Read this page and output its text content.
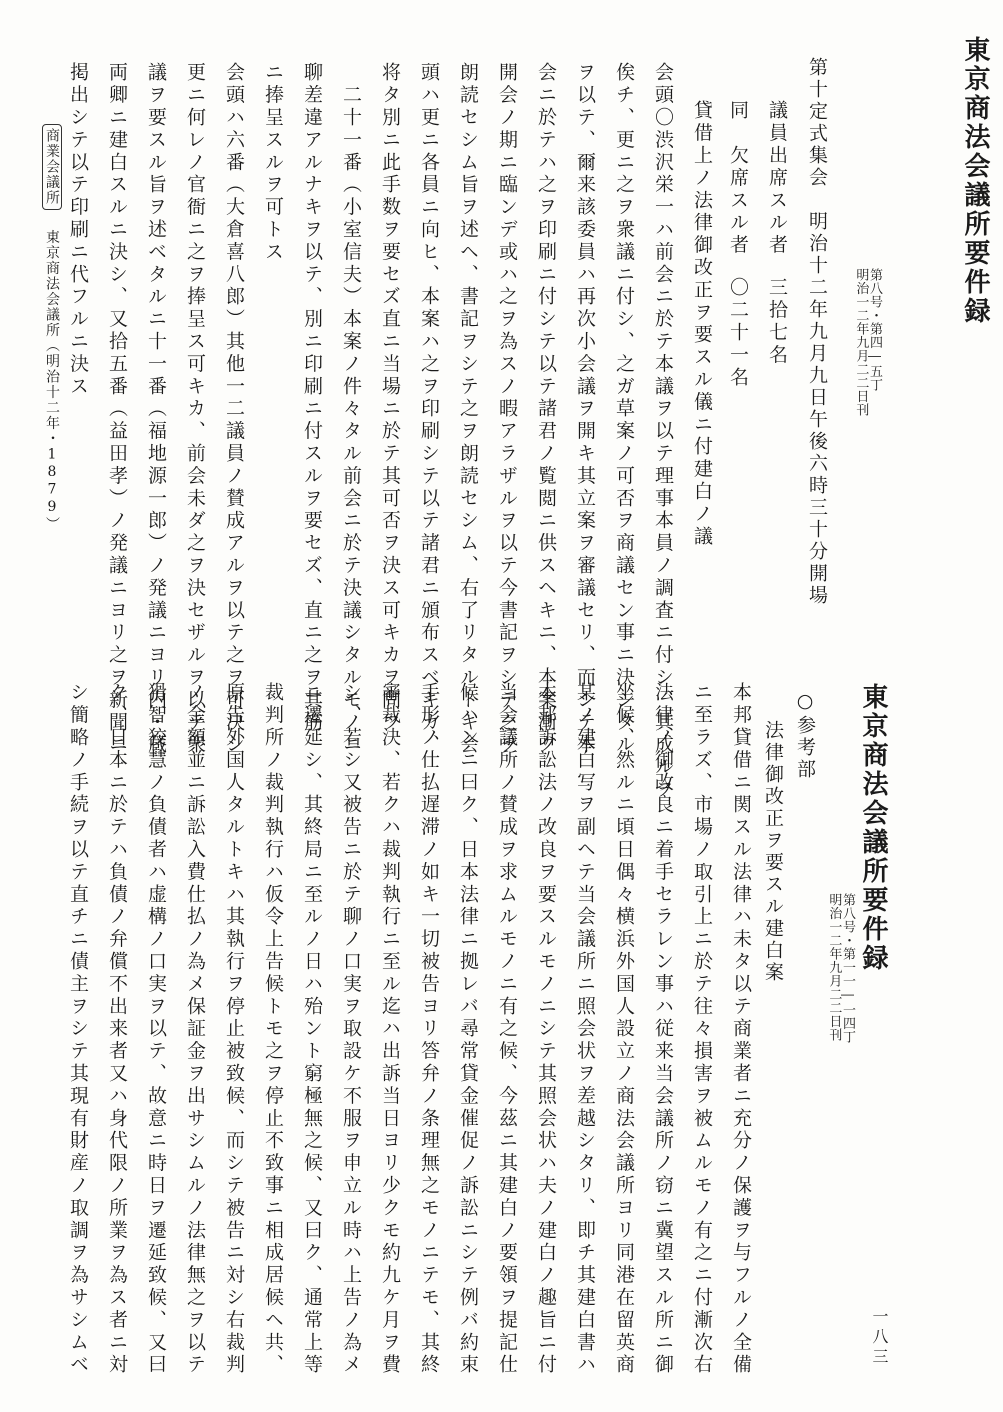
東京商法会議所要件録
第八号・第四―五丁
明治一二年九月二二日刊
第十定式集会　明治十二年九月九日午後六時三十分開場
議員出席スル者
三拾七名
同　欠席スル者
〇二十一名
貸借上ノ法律御改正ヲ要スル儀ニ付建白ノ議
会頭〇渋沢栄一ハ前会ニ於テ本議ヲ以テ理事本員ノ調査ニ付シ、其成ルヲ
俟チ、更ニ之ヲ衆議ニ付シ、之ガ草案ノ可否ヲ商議セン事ニ決シタル
ヲ以テ、爾来該委員ハ再次小会議ヲ開キ其立案ヲ審議セリ、而シテ本
会ニ於テハ之ヲ印刷ニ付シテ以テ諸君ノ覧閲ニ供スヘキニ、本案漸ク
開会ノ期ニ臨ンデ或ハ之ヲ為スノ暇アラザルヲ以テ今書記ヲシテ之ヲ
朗読セシム旨ヲ述ヘ、書記ヲシテ之ヲ朗読セシム、右了リタルトキ会
頭ハ更ニ各員ニ向ヒ、本案ハ之ヲ印刷シテ以テ諸君ニ頒布スベキカ、
将タ別ニ此手数ヲ要セズ直ニ当場ニ於テ其可否ヲ決ス可キカヲ問フ
　二十一番（小室信夫）本案ノ件々タル前会ニ於テ決議シタルモノニ
聊差違アルナキヲ以テ、別ニ印刷ニ付スルヲ要セズ、直ニ之ヲ其筋
ニ捧呈スルヲ可トス
会頭ハ六番（大倉喜八郎）其他一二議員ノ賛成アルヲ以テ之ヲ可決シ
更ニ何レノ官衙ニ之ヲ捧呈ス可キカ、前会未ダ之ヲ決セザルヲ以テ衆
議ヲ要スル旨ヲ述ベタルニ十一番（福地源一郎）ノ発議ニヨリ内・蔵
両卿ニ建白スルニ決シ、又拾五番（益田孝）ノ発議ニヨリ之ヲ新聞ニ
掲出シテ以テ印刷ニ代フルニ決ス
商業会議所東京商法会議所（明治十二年・1879）
東京商法会議所要件録
第八号・第一一―一四丁
明治一二年九月二二日刊
○参考部
法律御改正ヲ要スル建白案
本邦貸借ニ関スル法律ハ未タ以テ商業者ニ充分ノ保護ヲ与フルノ全備
ニ至ラズ、市場ノ取引上ニ於テ往々損害ヲ被ムルモノ有之ニ付漸次右
法律ノ御改良ニ着手セラレン事ハ従来当会議所ノ窃ニ冀望スル所ニ御
坐候、然ルニ頃日偶々横浜外国人設立ノ商法会議所ヨリ同港在留英商
某ノ建白写ヲ副ヘテ当会議所ニ照会状ヲ差越シタリ、即チ其建白書ハ
本邦訴訟法ノ改良ヲ要スルモノニシテ其照会状ハ夫ノ建白ノ趣旨ニ付
当会議所ノ賛成ヲ求ムルモノニ有之候、今茲ニ其建白ノ要領ヲ提記仕
候ハンニ曰ク、日本法律ニ拠レバ尋常貸金催促ノ訴訟ニシテ例バ約束
手形ノ仕払遅滞ノ如キ一切被告ヨリ答弁ノ条理無之モノニテモ、其終
審裁決、若クハ裁判執行ニ至ル迄ハ出訴当日ヨリ少クモ約九ケ月ヲ費
シ、若シ又被告ニ於テ聊ノ口実ヲ取設ケ不服ヲ申立ル時ハ上告ノ為メ
ニ遷延シ、其終局ニ至ルノ日ハ殆ント窮極無之候、又曰ク、通常上等
裁判所ノ裁判執行ハ仮令上告候トモ之ヲ停止不致事ニ相成居候ヘ共、
原告外国人タルトキハ其執行ヲ停止被致候、而シテ被告ニ対シ右裁判
ノ金額並ニ訴訟入費仕払ノ為メ保証金ヲ出サシムルノ法律無之ヲ以テ
猾智狡慧ノ負債者ハ虚構ノ口実ヲ以テ、故意ニ時日ヲ遷延致候、又曰
ク、日本ニ於テハ負債ノ弁償不出来者又ハ身代限ノ所業ヲ為ス者ニ対
シ簡略ノ手続ヲ以テ直チニ債主ヲシテ其現有財産ノ取調ヲ為サシムベ	一八三
